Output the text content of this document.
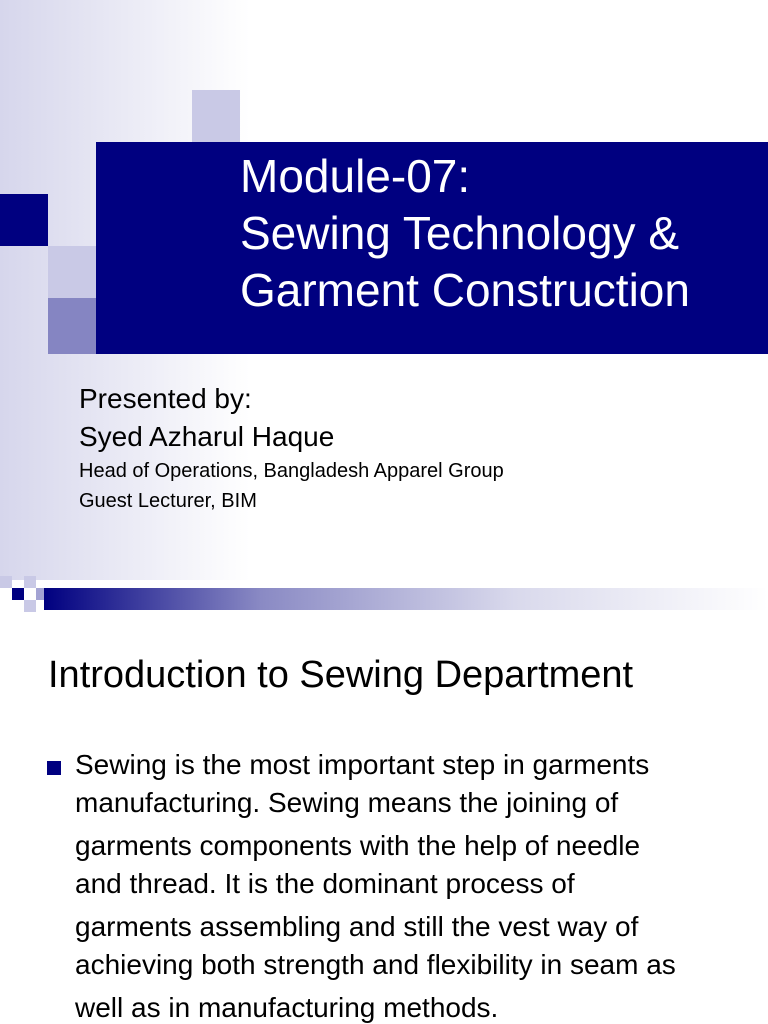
Module-07:
Sewing Technology &
Garment Construction
Presented by:
Syed Azharul Haque
Head of Operations, Bangladesh Apparel Group
Guest Lecturer, BIM
Introduction to Sewing Department
Sewing is the most important step in garments
manufacturing. Sewing means the joining of
garments components with the help of needle
and thread. It is the dominant process of
garments assembling and still the vest way of
achieving both strength and flexibility in seam as
well as in manufacturing methods.
